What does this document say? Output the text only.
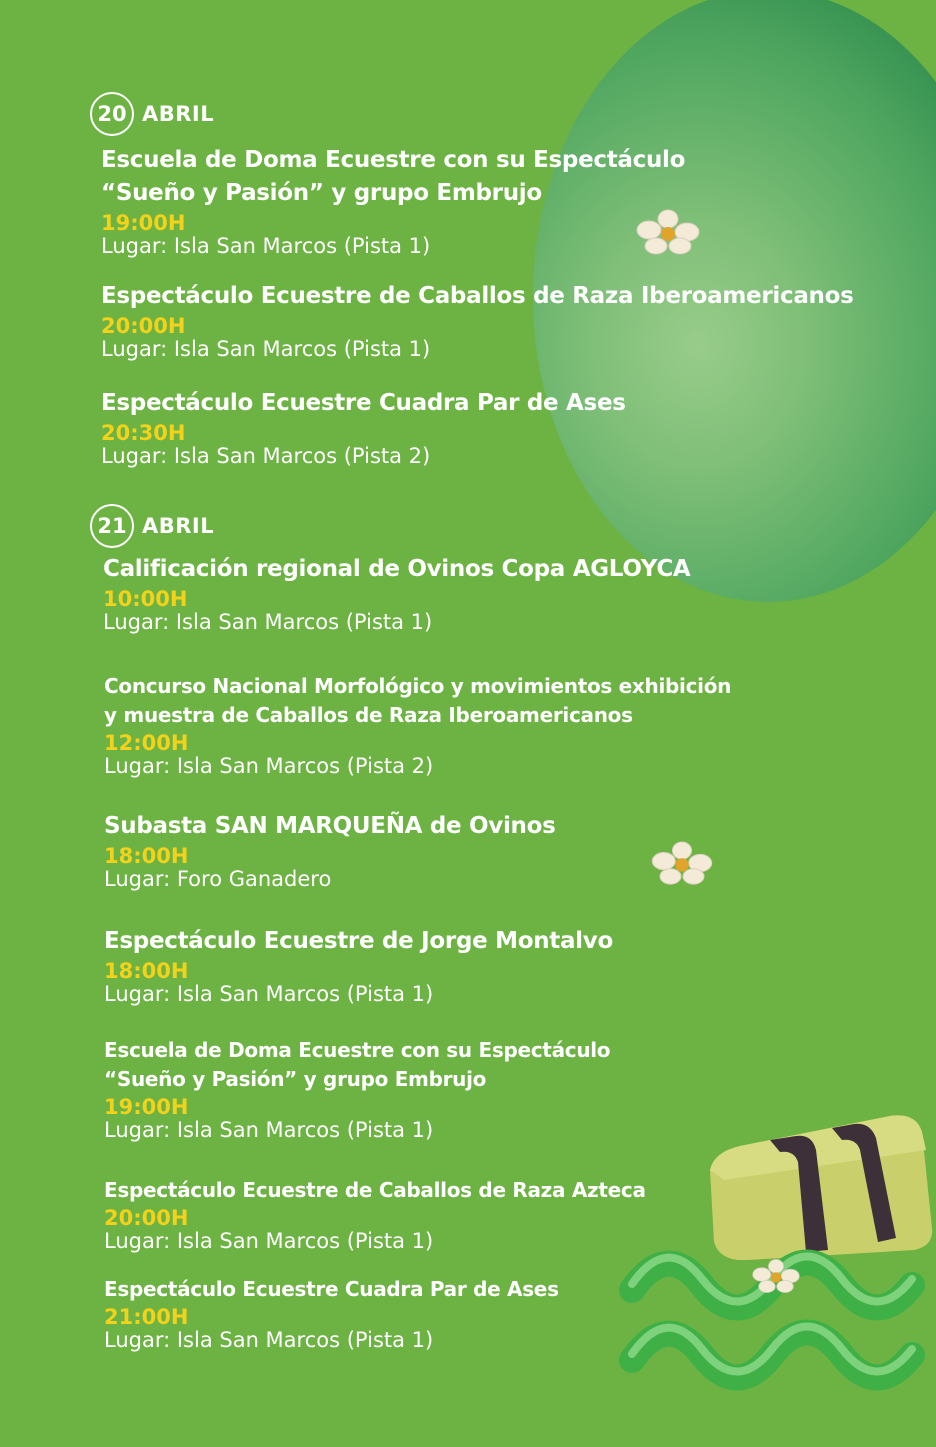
20 ABRIL
Escuela de Doma Ecuestre con su Espectáculo
“Sueño y Pasión” y grupo Embrujo
19:00H
Lugar: Isla San Marcos (Pista 1)
Espectáculo Ecuestre de Caballos de Raza Iberoamericanos
20:00H
Lugar: Isla San Marcos (Pista 1)
Espectáculo Ecuestre Cuadra Par de Ases
20:30H
Lugar: Isla San Marcos (Pista 2)
21 ABRIL
Calificación regional de Ovinos Copa AGLOYCA
10:00H
Lugar: Isla San Marcos (Pista 1)
Concurso Nacional Morfológico y movimientos exhibición
y muestra de Caballos de Raza Iberoamericanos
12:00H
Lugar: Isla San Marcos (Pista 2)
Subasta SAN MARQUEÑA de Ovinos
18:00H
Lugar: Foro Ganadero
Espectáculo Ecuestre de Jorge Montalvo
18:00H
Lugar: Isla San Marcos (Pista 1)
Escuela de Doma Ecuestre con su Espectáculo
“Sueño y Pasión” y grupo Embrujo
19:00H
Lugar: Isla San Marcos (Pista 1)
Espectáculo Ecuestre de Caballos de Raza Azteca
20:00H
Lugar: Isla San Marcos (Pista 1)
Espectáculo Ecuestre Cuadra Par de Ases
21:00H
Lugar: Isla San Marcos (Pista 1)
